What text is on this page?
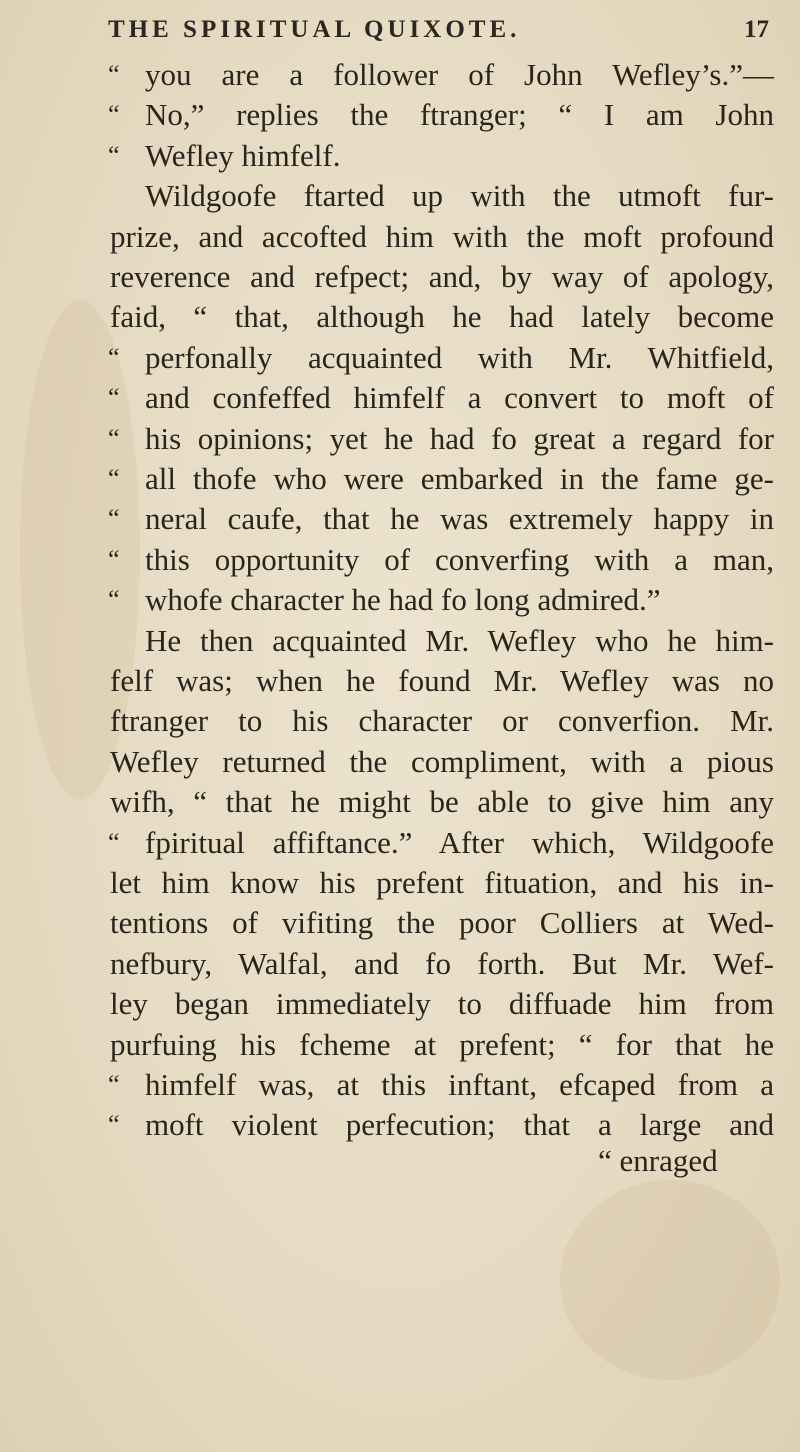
THE SPIRITUAL QUIXOTE.	17
“ you are a follower of John Wefley’s.”—
“ No,” replies the ftranger; “ I am John
“ Wefley himfelf.
Wildgoofe ftarted up with the utmoft fur-
prize, and accofted him with the moft profound
reverence and refpect; and, by way of apology,
faid, “ that, although he had lately become
“ perfonally acquainted with Mr. Whitfield,
“ and confeffed himfelf a convert to moft of
“ his opinions; yet he had fo great a regard for
“ all thofe who were embarked in the fame ge-
“ neral caufe, that he was extremely happy in
“ this opportunity of converfing with a man,
“ whofe character he had fo long admired.”
He then acquainted Mr. Wefley who he him-
felf was; when he found Mr. Wefley was no
ftranger to his character or converfion. Mr.
Wefley returned the compliment, with a pious
wifh, “ that he might be able to give him any
“ fpiritual affiftance.” After which, Wildgoofe
let him know his prefent fituation, and his in-
tentions of vifiting the poor Colliers at Wed-
nefbury, Walfal, and fo forth. But Mr. Wef-
ley began immediately to diffuade him from
purfuing his fcheme at prefent; “ for that he
“ himfelf was, at this inftant, efcaped from a
“ moft violent perfecution; that a large and
“ enraged
